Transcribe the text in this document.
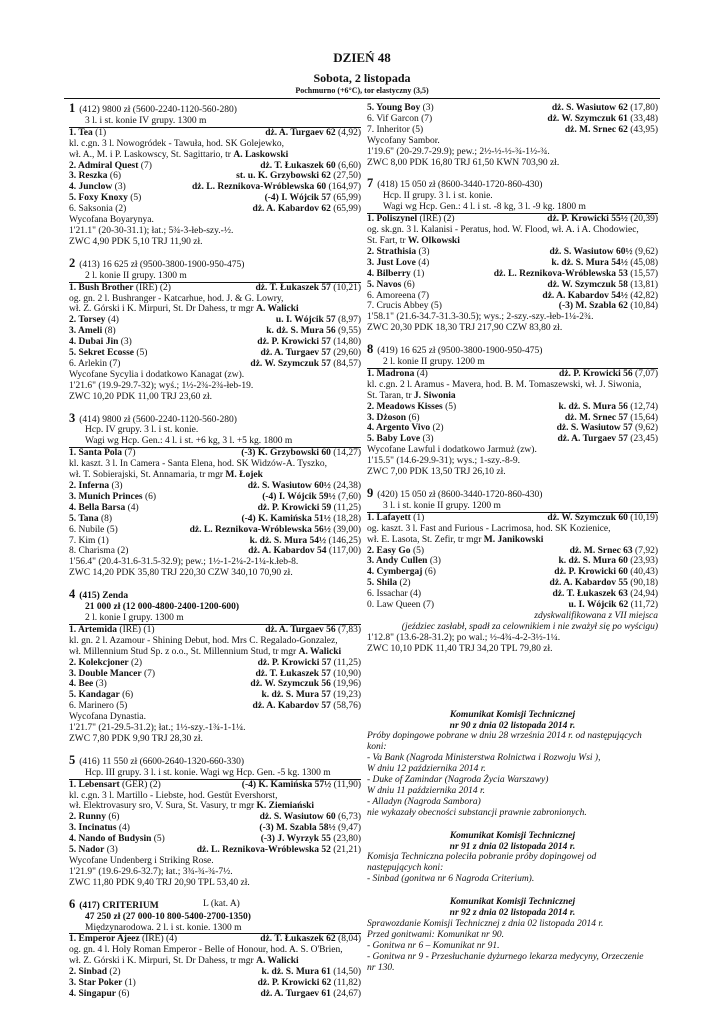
DZIEŃ 48
Sobota, 2 listopada
Pochmurno (+6°C), tor elastyczny (3,5)
1 (412) 9800 zł (5600-2240-1120-560-280)
3 l. i st. konie IV grupy. 1300 m
1. Tea (1)	dż. A. Turgaev 62 (4,92)
kl. c.gn. 3 l. Nowogródek - Tawuła, hod. SK Golejewko,
wł. A., M. i P. Laskowscy, St. Sagittario, tr A. Laskowski
2. Admiral Quest (7)	dż. T. Łukaszek 60 (6,60)
3. Reszka (6)	st. u. K. Grzybowski 62 (27,50)
4. Junclow (3)	dż. L. Reznikova-Wróblewska 60 (164,97)
5. Foxy Knoxy (5)	(-4) I. Wójcik 57 (65,99)
6. Saksonia (2)	dż. A. Kabardov 62 (65,99)
Wycofana Boyarynya.
1'21.1" (20-30-31.1); łat.; 5¾-3-łeb-szy.-½.
ZWC 4,90 PDK 5,10 TRJ 11,90 zł.
2 (413) 16 625 zł (9500-3800-1900-950-475)
2 l. konie II grupy. 1300 m
1. Bush Brother (IRE) (2)	dż. T. Łukaszek 57 (10,21)
og. gn. 2 l. Bushranger - Katcarhue, hod. J. & G. Lowry,
wł. Z. Górski i K. Mirpuri, St. Dr Dahess, tr mgr A. Walicki
2. Torsey (4)	u. I. Wójcik 57 (8,97)
3. Ameli (8)	k. dż. S. Mura 56 (9,55)
4. Dubai Jin (3)	dż. P. Krowicki 57 (14,80)
5. Sekret Ecosse (5)	dż. A. Turgaev 57 (29,60)
6. Arlekin (7)	dż. W. Szymczuk 57 (84,57)
Wycofane Sycylia i dodatkowo Kanagat (zw).
1'21.6" (19.9-29.7-32); wyś.; 1½-2¾-2¾-łeb-19.
ZWC 10,20 PDK 11,00 TRJ 23,60 zł.
3 (414) 9800 zł (5600-2240-1120-560-280)
Hcp. IV grupy. 3 l. i st. konie.
Wagi wg Hcp. Gen.: 4 l. i st. +6 kg, 3 l. +5 kg. 1800 m
1. Santa Pola (7)	(-3) K. Grzybowski 60 (14,27)
kl. kaszt. 3 l. In Camera - Santa Elena, hod. SK Widzów-A. Tyszko,
wł. T. Sobierajski, St. Annamaria, tr mgr M. Łojek
2. Inferna (3)	dż. S. Wasiutow 60½ (24,38)
3. Munich Princes (6)	(-4) I. Wójcik 59½ (7,60)
4. Bella Barsa (4)	dż. P. Krowicki 59 (11,25)
5. Tana (8)	(-4) K. Kamińska 51½ (18,28)
6. Nubile (5)	dż. L. Reznikova-Wróblewska 56½ (39,00)
7. Kim (1)	k. dż. S. Mura 54½ (146,25)
8. Charisma (2)	dż. A. Kabardov 54 (117,00)
1'56.4" (20.4-31.6-31.5-32.9); pew.; 1½-1-2¼-2-1¼-k.łeb-8.
ZWC 14,20 PDK 35,80 TRJ 220,30 CZW 340,10 70,90 zł.
4 (415) Zenda
21 000 zł (12 000-4800-2400-1200-600)
2 l. konie I grupy. 1300 m
1. Artemida (IRE) (1)	dż. A. Turgaev 56 (7,83)
kl. gn. 2 l. Azamour - Shining Debut, hod. Mrs C. Regalado-Gonzalez,
wł. Millennium Stud Sp. z o.o., St. Millennium Stud, tr mgr A. Walicki
2. Kolekcjoner (2)	dż. P. Krowicki 57 (11,25)
3. Double Mancer (7)	dż. T. Łukaszek 57 (10,90)
4. Bee (3)	dż. W. Szymczuk 56 (19,96)
5. Kandagar (6)	k. dż. S. Mura 57 (19,23)
6. Marinero (5)	dż. A. Kabardov 57 (58,76)
Wycofana Dynastia.
1'21.7" (21-29.5-31.2); łat.; 1½-szy.-1¾-1-1¼.
ZWC 7,80 PDK 9,90 TRJ 28,30 zł.
5 (416) 11 550 zł (6600-2640-1320-660-330)
Hcp. III grupy. 3 l. i st. konie. Wagi wg Hcp. Gen. -5 kg. 1300 m
1. Lebensart (GER) (2)	(-4) K. Kamińska 57½ (11,90)
kl. c.gn. 3 l. Martillo - Liebste, hod. Gestüt Evershorst,
wł. Elektrovasury sro, V. Sura, St. Vasury, tr mgr K. Ziemiański
2. Runny (6)	dż. S. Wasiutow 60 (6,73)
3. Incinatus (4)	(-3) M. Szabla 58½ (9,47)
4. Nando of Budysin (5)	(-3) J. Wyrzyk 55 (23,80)
5. Nador (3)	dż. L. Reznikova-Wróblewska 52 (21,21)
Wycofane Undenberg i Striking Rose.
1'21.9" (19.6-29.6-32.7); łat.; 3¾-¾-¾-7½.
ZWC 11,80 PDK 9,40 TRJ 20,90 TPL 53,40 zł.
6 (417) CRITERIUM	L (kat. A)
47 250 zł (27 000-10 800-5400-2700-1350)
Międzynarodowa. 2 l. i st. konie. 1300 m
1. Emperor Ajeez (IRE) (4)	dż. T. Łukaszek 62 (8,04)
og. gn. 4 l. Holy Roman Emperor - Belle of Honour, hod. A. S. O'Brien,
wł. Z. Górski i K. Mirpuri, St. Dr Dahess, tr mgr A. Walicki
2. Sinbad (2)	k. dż. S. Mura 61 (14,50)
3. Star Poker (1)	dż. P. Krowicki 62 (11,82)
4. Singapur (6)	dż. A. Turgaev 61 (24,67)
5. Young Boy (3)	dż. S. Wasiutow 62 (17,80)
6. Vif Garcon (7)	dż. W. Szymczuk 61 (33,48)
7. Inheritor (5)	dż. M. Srnec 62 (43,95)
Wycofany Sambor.
1'19.6" (20-29.7-29.9); pew.; 2½-½-½-¾-1½-¾.
ZWC 8,00 PDK 16,80 TRJ 61,50 KWN 703,90 zł.
7 (418) 15 050 zł (8600-3440-1720-860-430)
Hcp. II grupy. 3 l. i st. konie.
Wagi wg Hcp. Gen.: 4 l. i st. -8 kg, 3 l. -9 kg. 1800 m
1. Poliszynel (IRE) (2)	dż. P. Krowicki 55½ (20,39)
og. sk.gn. 3 l. Kalanisi - Peratus, hod. W. Flood, wł. A. i A. Chodowiec,
St. Fart, tr W. Olkowski
2. Strathisia (3)	dż. S. Wasiutow 60½ (9,62)
3. Just Love (4)	k. dż. S. Mura 54½ (45,08)
4. Bilberry (1)	dż. L. Reznikova-Wróblewska 53 (15,57)
5. Navos (6)	dż. W. Szymczuk 58 (13,81)
6. Amoreena (7)	dż. A. Kabardov 54½ (42,82)
7. Crucis Abbey (5)	(-3) M. Szabla 62 (10,84)
1'58.1" (21.6-34.7-31.3-30.5); wys.; 2-szy.-szy.-łeb-1¼-2¾.
ZWC 20,30 PDK 18,30 TRJ 217,90 CZW 83,80 zł.
8 (419) 16 625 zł (9500-3800-1900-950-475)
2 l. konie II grupy. 1200 m
1. Madrona (4)	dż. P. Krowicki 56 (7,07)
kl. c.gn. 2 l. Aramus - Mavera, hod. B. M. Tomaszewski, wł. J. Siwonia,
St. Taran, tr J. Siwonia
2. Meadows Kisses (5)	k. dż. S. Mura 56 (12,74)
3. Dżoson (6)	dż. M. Srnec 57 (15,64)
4. Argento Vivo (2)	dż. S. Wasiutow 57 (9,62)
5. Baby Love (3)	dż. A. Turgaev 57 (23,45)
Wycofane Lawful i dodatkowo Jarmuż (zw).
1'15.5" (14.6-29.9-31); wys.; 1-szy.-8-9.
ZWC 7,00 PDK 13,50 TRJ 26,10 zł.
9 (420) 15 050 zł (8600-3440-1720-860-430)
3 l. i st. konie II grupy. 1200 m
1. Lafayett (1)	dż. W. Szymczuk 60 (10,19)
og. kaszt. 3 l. Fast and Furious - Lacrimosa, hod. SK Kozienice,
wł. E. Lasota, St. Zefir, tr mgr M. Janikowski
2. Easy Go (5)	dż. M. Srnec 63 (7,92)
3. Andy Cullen (3)	k. dż. S. Mura 60 (23,93)
4. Cymbergaj (6)	dż. P. Krowicki 60 (40,43)
5. Shila (2)	dż. A. Kabardov 55 (90,18)
6. Issachar (4)	dż. T. Łukaszek 63 (24,94)
0. Law Queen (7)	u. I. Wójcik 62 (11,72)
zdyskwalifikowana z VII miejsca
(jeździec zasłabł, spadł za celownikiem i nie zważył się po wyścigu)
1'12.8" (13.6-28-31.2); po wal.; ½-4¾-4-2-3½-1¼.
ZWC 10,10 PDK 11,40 TRJ 34,20 TPL 79,80 zł.
Komunikat Komisji Technicznej
nr 90 z dnia 02 listopada 2014 r.
Próby dopingowe pobrane w dniu 28 września 2014 r. od następujących
koni:
- Va Bank (Nagroda Ministerstwa Rolnictwa i Rozwoju Wsi ),
W dniu 12 października 2014 r.
- Duke of Zamindar (Nagroda Życia Warszawy)
W dniu 11 października 2014 r.
- Alladyn (Nagroda Sambora)
nie wykazały obecności substancji prawnie zabronionych.
Komunikat Komisji Technicznej
nr 91 z dnia 02 listopada 2014 r.
Komisja Techniczna poleciła pobranie próby dopingowej od
następujących koni:
- Sinbad (gonitwa nr 6 Nagroda Criterium).
Komunikat Komisji Technicznej
nr 92 z dnia 02 listopada 2014 r.
Sprawozdanie Komisji Technicznej z dnia 02 listopada 2014 r.
Przed gonitwami: Komunikat nr 90.
- Gonitwa nr 6 – Komunikat nr 91.
- Gonitwa nr 9 - Przesłuchanie dyżurnego lekarza medycyny, Orzeczenie
nr 130.
